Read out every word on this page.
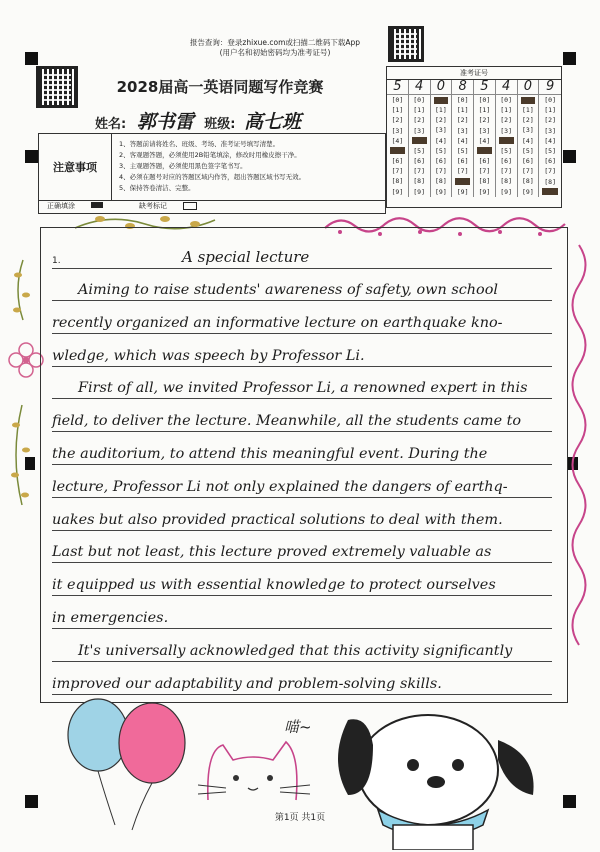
报告查询：登录zhixue.com或扫描二维码下载App
(用户名和初始密码均为准考证号)
2028届高一英语同题写作竞赛
姓名: 郭书雷 班级: 高七班
注意事项
1、答题前请将姓名、班级、考场、准考证号填写清楚。
2、客观题答题，必须使用2B铅笔填涂，修改时用橡皮擦干净。
3、主观题答题，必须使用黑色签字笔书写。
4、必须在题号对应的答题区域内作答，超出答题区域书写无效。
5、保持答卷清洁、完整。
正确填涂	缺考标记
准考证号
5
[0]
[1]
[2]
[3]
[4]
[5]
[6]
[7]
[8]
[9]
4
[0]
[1]
[2]
[3]
[4]
[5]
[6]
[7]
[8]
[9]
0
[0]
[1]
[2]
[3]
[4]
[5]
[6]
[7]
[8]
[9]
8
[0]
[1]
[2]
[3]
[4]
[5]
[6]
[7]
[8]
[9]
5
[0]
[1]
[2]
[3]
[4]
[5]
[6]
[7]
[8]
[9]
4
[0]
[1]
[2]
[3]
[4]
[5]
[6]
[7]
[8]
[9]
0
[0]
[1]
[2]
[3]
[4]
[5]
[6]
[7]
[8]
[9]
9
[0]
[1]
[2]
[3]
[4]
[5]
[6]
[7]
[8]
[9]
1.	A special lecture
Aiming to raise students' awareness of safety, own school
recently organized an informative lecture on earthquake kno-
wledge, which was speech by Professor Li.
First of all, we invited Professor Li, a renowned expert in this
field, to deliver the lecture. Meanwhile, all the students came to
the auditorium, to attend this meaningful event. During the
lecture, Professor Li not only explained the dangers of earthq-
uakes but also provided practical solutions to deal with them.
Last but not least, this lecture proved extremely valuable as
it equipped us with essential knowledge to protect ourselves
in emergencies.
It's universally acknowledged that this activity significantly
improved our adaptability and problem-solving skills.
喵~
第1页 共1页
